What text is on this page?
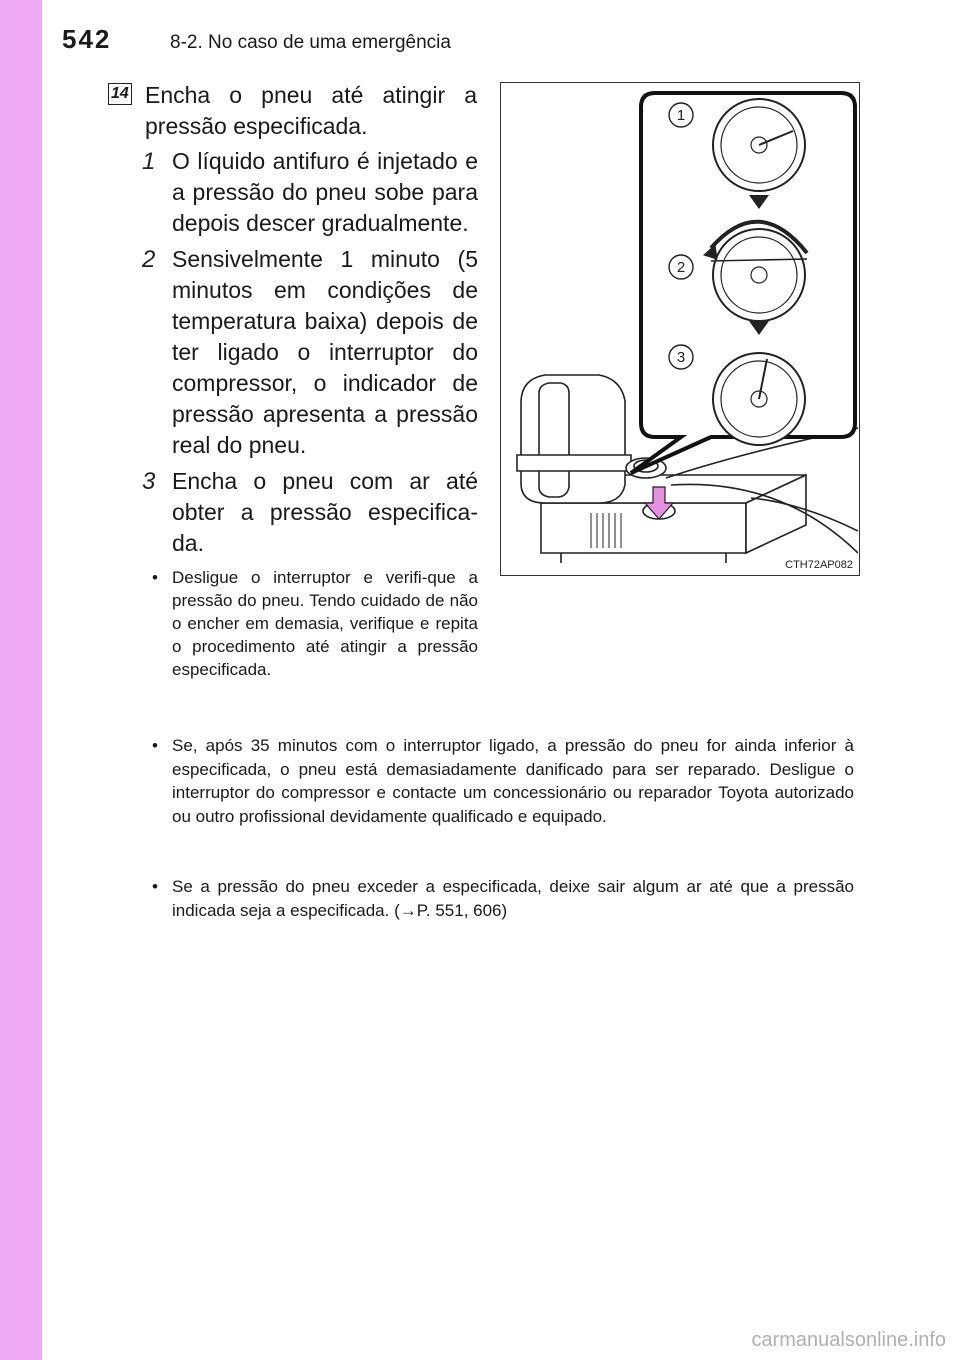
542	8-2. No caso de uma emergência
14 Encha o pneu até atingir a pressão especificada.
1 O líquido antifuro é injetado e a pressão do pneu sobe para depois descer gradualmente.
2 Sensivelmente 1 minuto (5 minutos em condições de temperatura baixa) depois de ter ligado o interruptor do compressor, o indicador de pressão apresenta a pressão real do pneu.
3 Encha o pneu com ar até obter a pressão especifica-da.
• Desligue o interruptor e verifi-que a pressão do pneu. Tendo cuidado de não o encher em demasia, verifique e repita o procedimento até atingir a pressão especificada.
• Se, após 35 minutos com o interruptor ligado, a pressão do pneu for ainda inferior à especificada, o pneu está demasiadamente danificado para ser reparado. Desligue o interruptor do compressor e contacte um concessionário ou reparador Toyota autorizado ou outro profissional devidamente qualificado e equipado.
• Se a pressão do pneu exceder a especificada, deixe sair algum ar até que a pressão indicada seja a especificada. (→P. 551, 606)
1
2
3
CTH72AP082
carmanualsonline.info
